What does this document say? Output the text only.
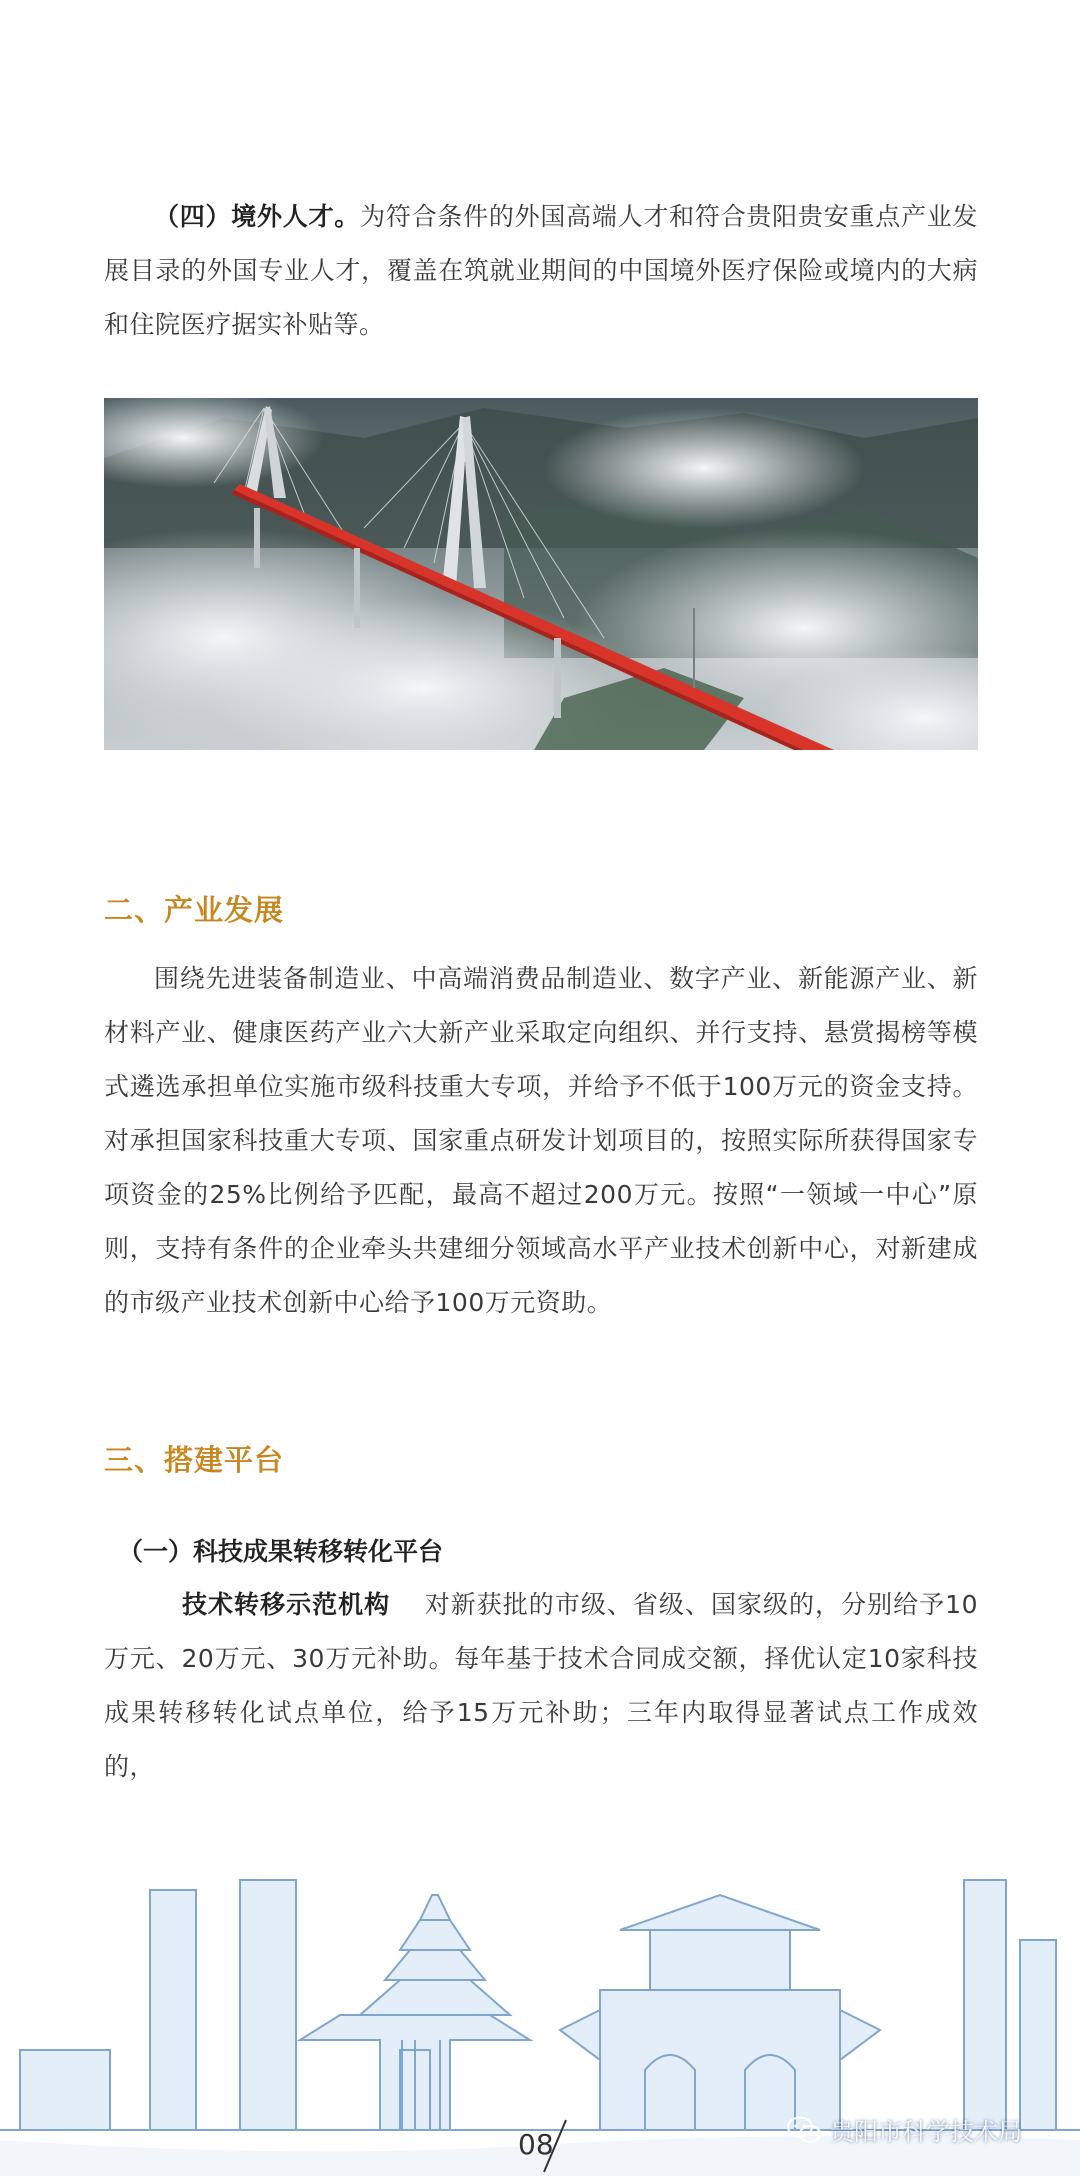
（四）境外人才。为符合条件的外国高端人才和符合贵阳贵安重点产业发展目录的外国专业人才，覆盖在筑就业期间的中国境外医疗保险或境内的大病和住院医疗据实补贴等。

二、产业发展

围绕先进装备制造业、中高端消费品制造业、数字产业、新能源产业、新材料产业、健康医药产业六大新产业采取定向组织、并行支持、悬赏揭榜等模式遴选承担单位实施市级科技重大专项，并给予不低于100万元的资金支持。对承担国家科技重大专项、国家重点研发计划项目的，按照实际所获得国家专项资金的25%比例给予匹配，最高不超过200万元。按照“一领域一中心”原则，支持有条件的企业牵头共建细分领域高水平产业技术创新中心，对新建成的市级产业技术创新中心给予100万元资助。

三、搭建平台
（一）科技成果转移转化平台

技术转移示范机构 对新获批的市级、省级、国家级的，分别给予10万元、20万元、30万元补助。每年基于技术合同成交额，择优认定10家科技成果转移转化试点单位，给予15万元补助；三年内取得显著试点工作成效的，

08	贵阳市科学技术局
